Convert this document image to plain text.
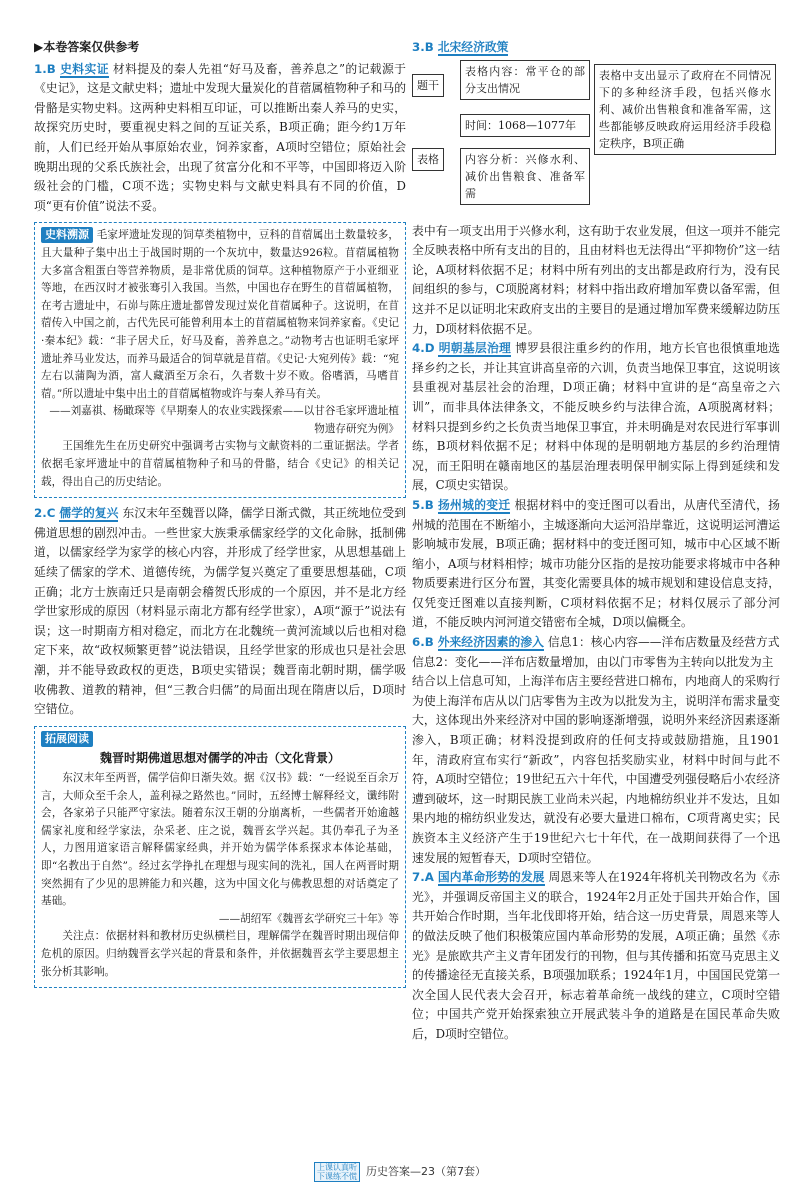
▶本卷答案仅供参考

1.B 史料实证 材料提及的秦人先祖“好马及畜，善养息之”的记载源于《史记》，这是文献史料；遗址中发现大量炭化的苜蓿属植物种子和马的骨骼是实物史料。这两种史料相互印证，可以推断出秦人养马的史实，故探究历史时，要重视史料之间的互证关系，B项正确；距今约1万年前，人们已经开始从事原始农业，饲养家畜，A项时空错位；原始社会晚期出现的父系氏族社会，出现了贫富分化和不平等，中国即将迈入阶级社会的门槛，C项不选；实物史料与文献史料具有不同的价值，D项“更有价值”说法不妥。

史料溯源 毛家坪遗址发现的饲草类植物中，豆科的苜蓿属出土数量较多，且大量种子集中出土于战国时期的一个灰坑中，数量达926粒。苜蓿属植物大多富含粗蛋白等营养物质，是非常优质的饲草。这种植物原产于小亚细亚等地，在西汉时才被张骞引入我国。当然，中国也存在野生的苜蓿属植物，在考古遗址中，石峁与陈庄遗址都曾发现过炭化苜蓿属种子。这说明，在苜蓿传入中国之前，古代先民可能曾利用本土的苜蓿属植物来饲养家畜。《史记·秦本纪》载：“非子居犬丘，好马及畜，善养息之。”动物考古也证明毛家坪遗址养马业发达，而养马最适合的饲草就是苜蓿。《史记·大宛列传》载：“宛左右以蒲陶为酒，富人藏酒至万余石，久者数十岁不败。俗嗜酒，马嗜苜蓿。”所以遗址中集中出土的苜蓿属植物或许与秦人养马有关。
——刘嘉祺、杨瞰琛等《早期秦人的农业实践探索——以甘谷毛家坪遗址植物遗存研究为例》
王国维先生在历史研究中强调考古实物与文献资料的二重证据法。学者依据毛家坪遗址中的苜蓿属植物种子和马的骨骼，结合《史记》的相关记载，得出自己的历史结论。

2.C 儒学的复兴 东汉末年至魏晋以降，儒学日渐式微，其正统地位受到佛道思想的剧烈冲击。一些世家大族秉承儒家经学的文化命脉，抵制佛道，以儒家经学为家学的核心内容，并形成了经学世家，从思想基础上延续了儒家的学术、道德传统，为儒学复兴奠定了重要思想基础，C项正确；北方士族南迁只是南朝会稽贺氏形成的一个原因，并不是北方经学世家形成的原因（材料显示南北方都有经学世家），A项“源于”说法有误；这一时期南方相对稳定，而北方在北魏统一黄河流域以后也相对稳定下来，故“政权频繁更替”说法错误，且经学世家的形成也只是社会思潮，并不能导致政权的更迭，B项史实错误；魏晋南北朝时期，儒学吸收佛教、道教的精神，但“三教合归儒”的局面出现在隋唐以后，D项时空错位。

拓展阅读
魏晋时期佛道思想对儒学的冲击（文化背景）
东汉末年至两晋，儒学信仰日渐失效。据《汉书》载：“一经说至百余万言，大师众至千余人，盖利禄之路然也。”同时，五经博士解释经文，谶纬附会，各家弟子只能严守家法。随着东汉王朝的分崩离析，一些儒者开始逾越儒家礼度和经学家法，杂采老、庄之说，魏晋玄学兴起。其仍奉孔子为圣人，力图用道家语言解释儒家经典，并开始为儒学体系探求本体论基础，即“名教出于自然”。经过玄学挣扎在理想与现实间的洗礼，国人在两晋时期突然拥有了少见的思辨能力和兴趣，这为中国文化与佛教思想的对话奠定了基础。
——胡绍军《魏晋玄学研究三十年》等
关注点：依据材料和教材历史纵横栏目，理解儒学在魏晋时期出现信仰危机的原因。归纳魏晋玄学兴起的背景和条件，并依据魏晋玄学主要思想主张分析其影响。

3.B 北宋经济政策

题干
表格
表格内容：常平仓的部分支出情况
时间：1068—1077年
内容分析：兴修水利、减价出售粮食、准备军需
表格中支出显示了政府在不同情况下的多种经济手段，包括兴修水利、减价出售粮食和准备军需，这些都能够反映政府运用经济手段稳定秩序，B项正确

表中有一项支出用于兴修水利，这有助于农业发展，但这一项并不能完全反映表格中所有支出的目的，且由材料也无法得出“平抑物价”这一结论，A项材料依据不足；材料中所有列出的支出都是政府行为，没有民间组织的参与，C项脱离材料；材料中指出政府增加军费以备军需，但这并不足以证明北宋政府支出的主要目的是通过增加军费来缓解边防压力，D项材料依据不足。

4.D 明朝基层治理 博罗县很注重乡约的作用，地方长官也很慎重地选择乡约之长，并让其宣讲高皇帝的六训，负责当地保卫事宜，这说明该县重视对基层社会的治理，D项正确；材料中宣讲的是“高皇帝之六训”，而非具体法律条文，不能反映乡约与法律合流，A项脱离材料；材料只提到乡约之长负责当地保卫事宜，并未明确是对农民进行军事训练，B项材料依据不足；材料中体现的是明朝地方基层的乡约治理情况，而王阳明在赣南地区的基层治理表明保甲制实际上得到延续和发展，C项史实错误。

5.B 扬州城的变迁 根据材料中的变迁图可以看出，从唐代至清代，扬州城的范围在不断缩小，主城逐渐向大运河沿岸靠近，这说明运河漕运影响城市发展，B项正确；据材料中的变迁图可知，城市中心区域不断缩小，A项与材料相悖；城市功能分区指的是按功能要求将城市中各种物质要素进行区分布置，其变化需要具体的城市规划和建设信息支持，仅凭变迁图难以直接判断，C项材料依据不足；材料仅展示了部分河道，不能反映内河河道交错密布全城，D项以偏概全。

6.B 外来经济因素的渗入 信息1：核心内容——洋布店数量及经营方式

信息2：变化——洋布店数量增加，由以门市零售为主转向以批发为主

结合以上信息可知，上海洋布店主要经营进口棉布，内地商人的采购行为使上海洋布店从以门店零售为主改为以批发为主，说明洋布需求量变大，这体现出外来经济对中国的影响逐渐增强，说明外来经济因素逐渐渗入，B项正确；材料没提到政府的任何支持或鼓励措施，且1901年，清政府宣布实行“新政”，内容包括奖励实业，材料中时间与此不符，A项时空错位；19世纪五六十年代，中国遭受列强侵略后小农经济遭到破坏，这一时期民族工业尚未兴起，内地棉纺织业并不发达，且如果内地的棉纺织业发达，就没有必要大量进口棉布，C项背离史实；民族资本主义经济产生于19世纪六七十年代，在一战期间获得了一个迅速发展的短暂春天，D项时空错位。

7.A 国内革命形势的发展 周恩来等人在1924年将机关刊物改名为《赤光》，并强调反帝国主义的联合，1924年2月正处于国共开始合作，国共开始合作时期，当年北伐即将开始，结合这一历史背景，周恩来等人的做法反映了他们积极策应国内革命形势的发展，A项正确；虽然《赤光》是旅欧共产主义青年团发行的刊物，但与其传播和拓宽马克思主义的传播途径无直接关系，B项强加联系；1924年1月，中国国民党第一次全国人民代表大会召开，标志着革命统一战线的建立，C项时空错位；中国共产党开始探索独立开展武装斗争的道路是在国民革命失败后，D项时空错位。

上课认真听 下课练不慌 历史答案—23（第7套）
